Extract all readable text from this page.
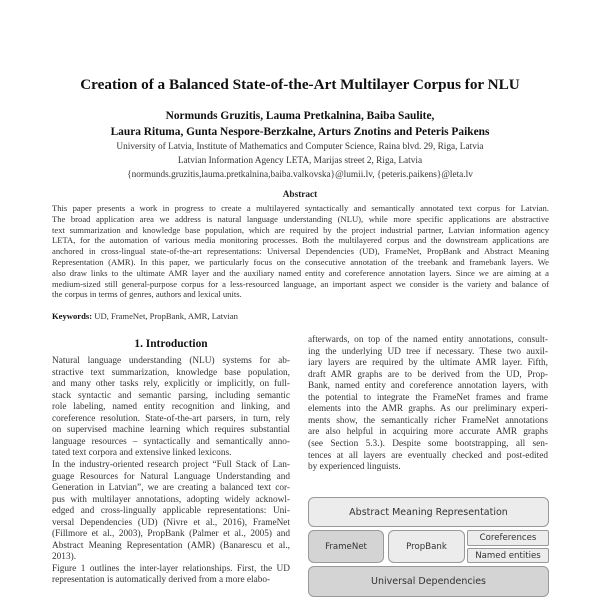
Creation of a Balanced State-of-the-Art Multilayer Corpus for NLU
Normunds Gruzitis, Lauma Pretkalnina, Baiba Saulite,
Laura Rituma, Gunta Nespore-Berzkalne, Arturs Znotins and Peteris Paikens
University of Latvia, Institute of Mathematics and Computer Science, Raina blvd. 29, Riga, Latvia
Latvian Information Agency LETA, Marijas street 2, Riga, Latvia
{normunds.gruzitis,lauma.pretkalnina,baiba.valkovska}@lumii.lv, {peteris.paikens}@leta.lv
Abstract
This paper presents a work in progress to create a multilayered syntactically and semantically annotated text corpus for Latvian.
The broad application area we address is natural language understanding (NLU), while more specific applications are abstractive
text summarization and knowledge base population, which are required by the project industrial partner, Latvian information agency
LETA, for the automation of various media monitoring processes. Both the multilayered corpus and the downstream applications are
anchored in cross-lingual state-of-the-art representations: Universal Dependencies (UD), FrameNet, PropBank and Abstract Meaning
Representation (AMR). In this paper, we particularly focus on the consecutive annotation of the treebank and framebank layers. We
also draw links to the ultimate AMR layer and the auxiliary named entity and coreference annotation layers. Since we are aiming at a
medium-sized still general-purpose corpus for a less-resourced language, an important aspect we consider is the variety and balance of
the corpus in terms of genres, authors and lexical units.
Keywords: UD, FrameNet, PropBank, AMR, Latvian
1. Introduction
Natural language understanding (NLU) systems for ab-
stractive text summarization, knowledge base population,
and many other tasks rely, explicitly or implicitly, on full-
stack syntactic and semantic parsing, including semantic
role labeling, named entity recognition and linking, and
coreference resolution. State-of-the-art parsers, in turn, rely
on supervised machine learning which requires substantial
language resources – syntactically and semantically anno-
tated text corpora and extensive linked lexicons.
In the industry-oriented research project “Full Stack of Lan-
guage Resources for Natural Language Understanding and
Generation in Latvian”, we are creating a balanced text cor-
pus with multilayer annotations, adopting widely acknowl-
edged and cross-lingually applicable representations: Uni-
versal Dependencies (UD) (Nivre et al., 2016), FrameNet
(Fillmore et al., 2003), PropBank (Palmer et al., 2005) and
Abstract Meaning Representation (AMR) (Banarescu et al.,
2013).
Figure 1 outlines the inter-layer relationships. First, the UD
representation is automatically derived from a more elabo-
afterwards, on top of the named entity annotations, consult-
ing the underlying UD tree if necessary. These two auxil-
iary layers are required by the ultimate AMR layer. Fifth,
draft AMR graphs are to be derived from the UD, Prop-
Bank, named entity and coreference annotation layers, with
the potential to integrate the FrameNet frames and frame
elements into the AMR graphs. As our preliminary experi-
ments show, the semantically richer FrameNet annotations
are also helpful in acquiring more accurate AMR graphs
(see Section 5.3.). Despite some bootstrapping, all sen-
tences at all layers are eventually checked and post-edited
by experienced linguists.
Abstract Meaning Representation
FrameNet	PropBank
Coreferences
Named entities
Universal Dependencies
